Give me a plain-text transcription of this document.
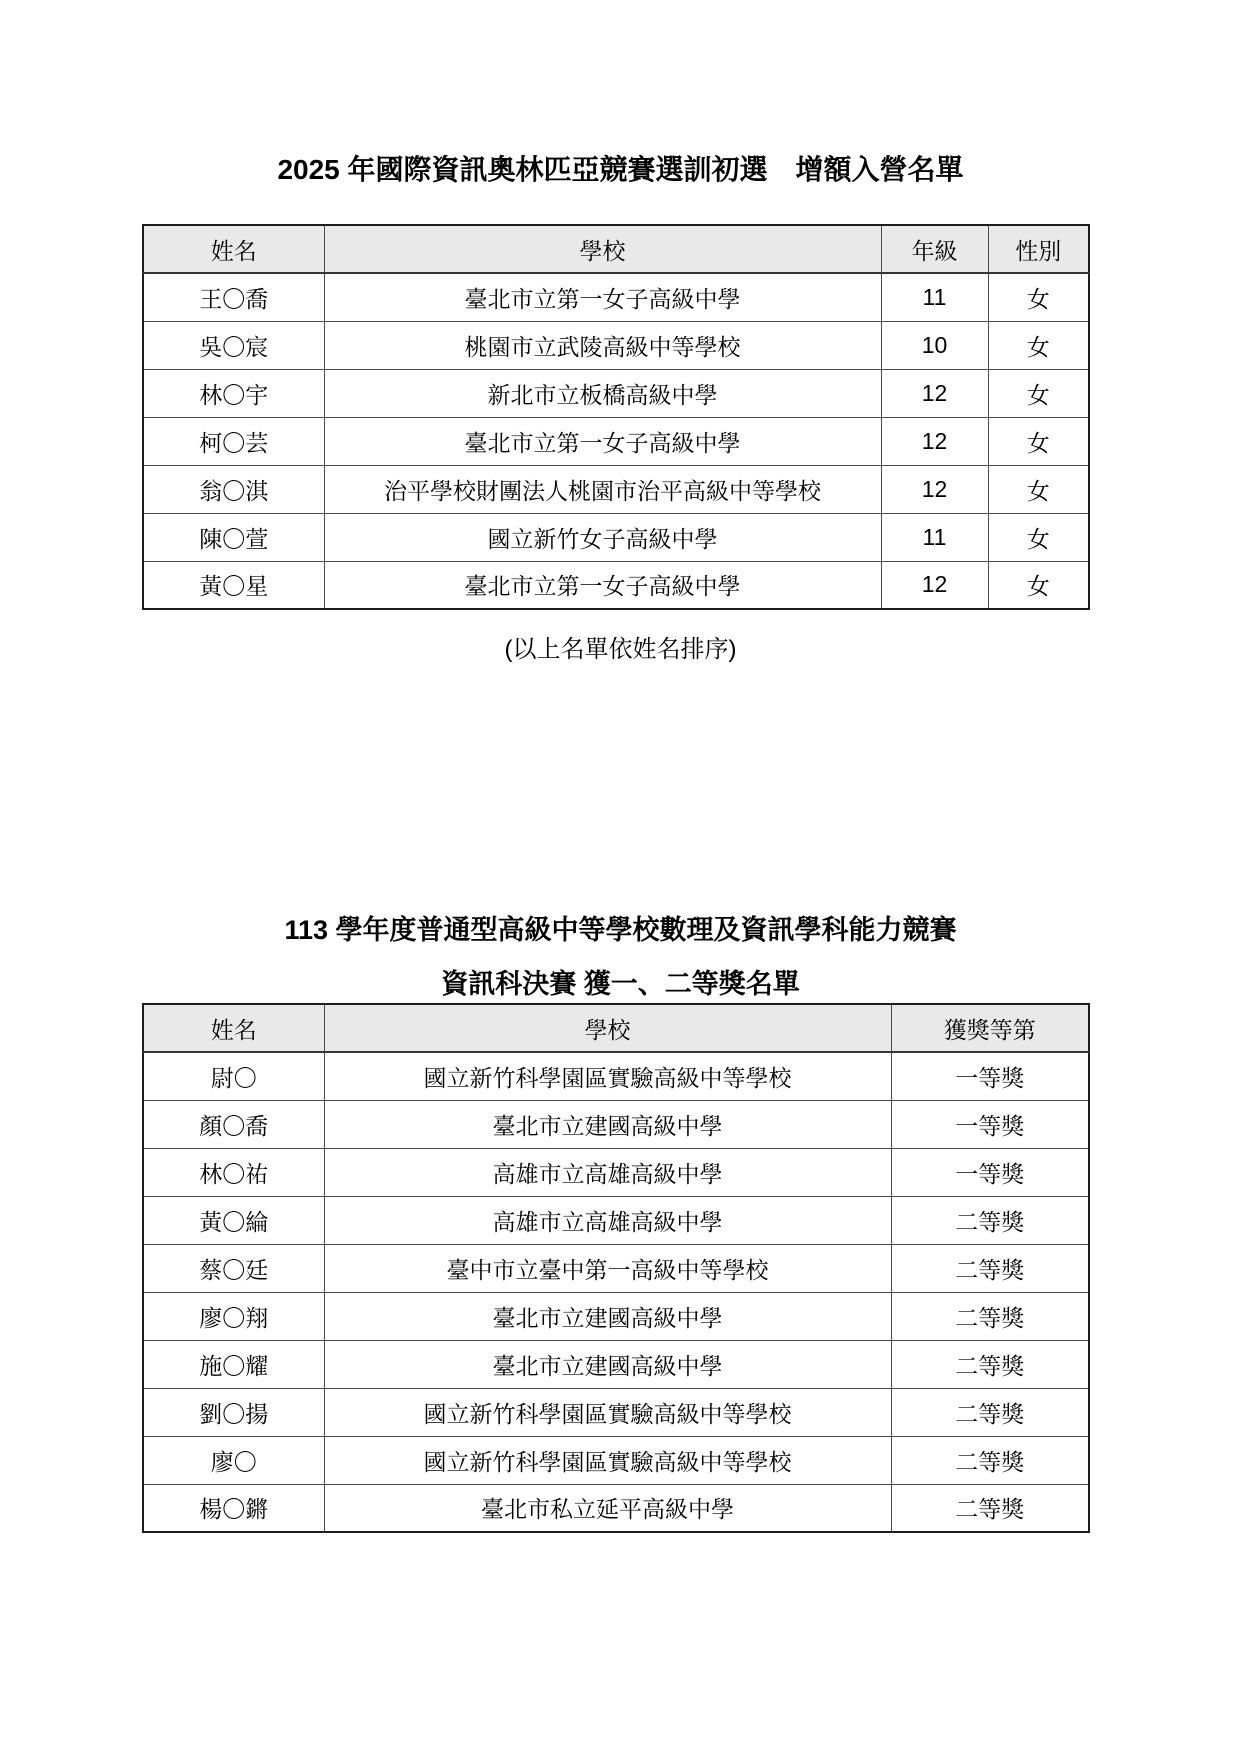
2025 年國際資訊奧林匹亞競賽選訓初選　增額入營名單
姓名	學校	年級	性別
王〇喬	臺北市立第一女子高級中學	11	女
吳〇宸	桃園市立武陵高級中等學校	10	女
林〇宇	新北市立板橋高級中學	12	女
柯〇芸	臺北市立第一女子高級中學	12	女
翁〇淇	治平學校財團法人桃園市治平高級中等學校	12	女
陳〇萱	國立新竹女子高級中學	11	女
黃〇星	臺北市立第一女子高級中學	12	女
(以上名單依姓名排序)
113 學年度普通型高級中等學校數理及資訊學科能力競賽
資訊科決賽 獲一、二等獎名單
姓名	學校	獲獎等第
尉〇	國立新竹科學園區實驗高級中等學校	一等獎
顏〇喬	臺北市立建國高級中學	一等獎
林〇祐	高雄市立高雄高級中學	一等獎
黃〇綸	高雄市立高雄高級中學	二等獎
蔡〇廷	臺中市立臺中第一高級中等學校	二等獎
廖〇翔	臺北市立建國高級中學	二等獎
施〇耀	臺北市立建國高級中學	二等獎
劉〇揚	國立新竹科學園區實驗高級中等學校	二等獎
廖〇	國立新竹科學園區實驗高級中等學校	二等獎
楊〇鏘	臺北市私立延平高級中學	二等獎
